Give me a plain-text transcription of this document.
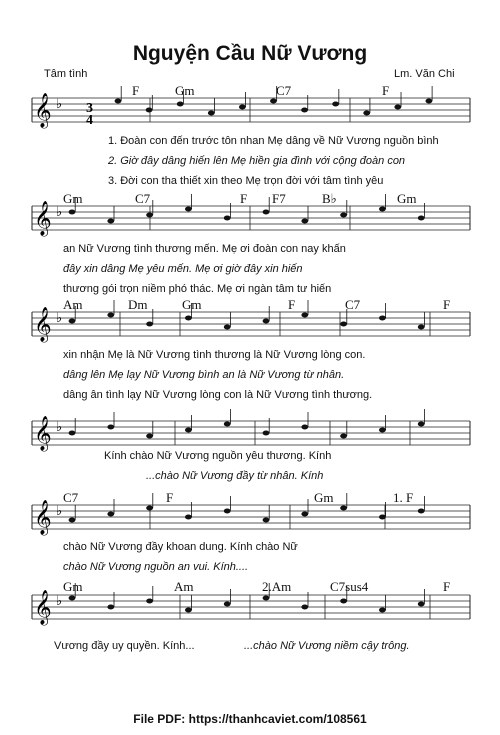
Nguyện Cầu Nữ Vương
Tâm tình	Lm. Văn Chi
𝄞 ♭
𝄞 ♭
𝄞 ♭
𝄞 ♭
𝄞 ♭
𝄞 ♭
3
4
F	Gm	C7	F
Gm	C7	F F7	B♭	Gm
Am	Dm	Gm	F	C7	F
C7	F	Gm	1. F
Gm	Am	2.Am	C7sus4	F
1. Đoàn con đến trước tôn nhan Mẹ dâng về Nữ Vương nguồn bình
2. Giờ đây dâng hiến lên Mẹ hiền gia đình với cộng đoàn con
3. Đời con tha thiết xin theo Mẹ trọn đời với tâm tình yêu
an Nữ Vương tình thương mến. Mẹ ơi đoàn con nay khấn
đây xin dâng Mẹ yêu mến. Mẹ ơi giờ đây xin hiến
thương gói trọn niềm phó thác. Mẹ ơi ngàn tâm tư hiến
xin nhận Mẹ là Nữ Vương tình thương là Nữ Vương lòng con.
dâng lên Mẹ lạy Nữ Vương bình an là Nữ Vương từ nhân.
dâng ân tình lạy Nữ Vương lòng con là Nữ Vương tình thương.
Kính chào Nữ Vương nguồn yêu thương. Kính
...chào Nữ Vương đầy từ nhân. Kính
chào Nữ Vương đầy khoan dung. Kính chào Nữ
chào Nữ Vương nguồn an vui. Kính....
Vương đầy uy quyền. Kính...	...chào Nữ Vương niềm cậy trông.
File PDF: https://thanhcaviet.com/108561
